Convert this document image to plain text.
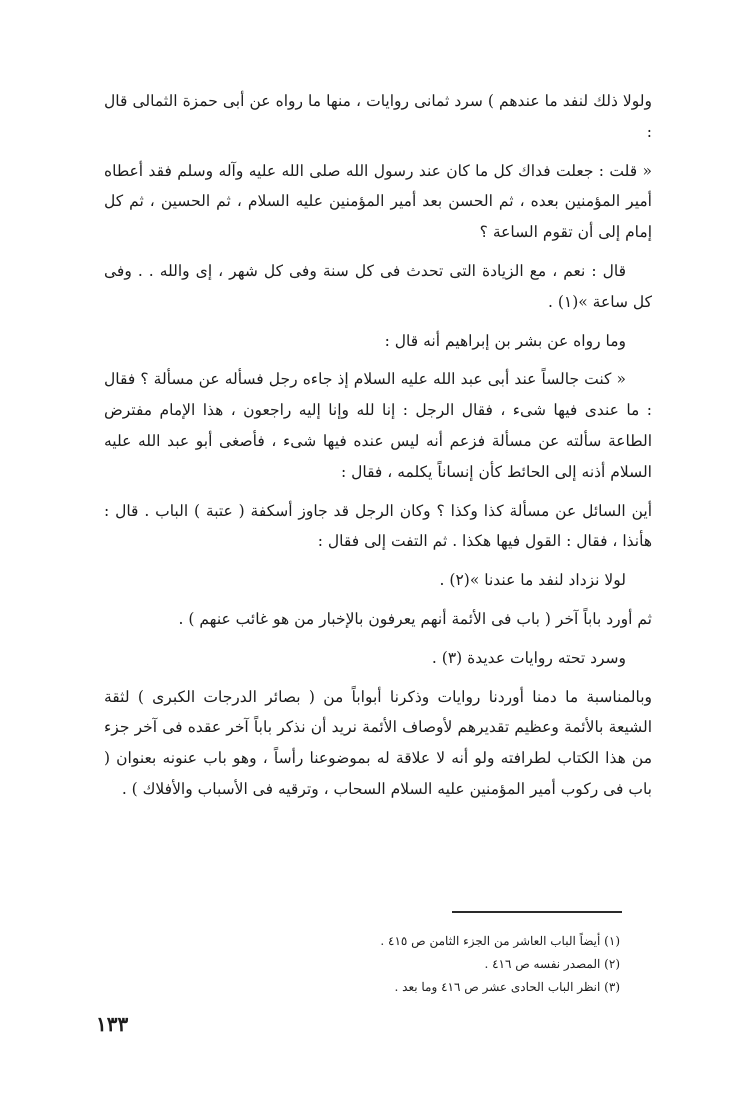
ولولا ذلك لنفد ما عندهم ) سرد ثمانى روايات ، منها ما رواه عن أبى حمزة الثمالى قال :

« قلت : جعلت فداك كل ما كان عند رسول الله صلى الله عليه وآله وسلم فقد أعطاه أمير المؤمنين بعده ، ثم الحسن بعد أمير المؤمنين عليه السلام ، ثم الحسين ، ثم كل إمام إلى أن تقوم الساعة ؟

قال : نعم ، مع الزيادة التى تحدث فى كل سنة وفى كل شهر ، إى والله . . وفى كل ساعة »(١) .

وما رواه عن بشر بن إبراهيم أنه قال :

« كنت جالساً عند أبى عبد الله عليه السلام إذ جاءه رجل فسأله عن مسألة ؟ فقال : ما عندى فيها شىء ، فقال الرجل : إنا لله وإنا إليه راجعون ، هذا الإمام مفترض الطاعة سألته عن مسألة فزعم أنه ليس عنده فيها شىء ، فأصغى أبو عبد الله عليه السلام أذنه إلى الحائط كأن إنساناً يكلمه ، فقال :

أين السائل عن مسألة كذا وكذا ؟ وكان الرجل قد جاوز أسكفة ( عتبة ) الباب . قال : هأنذا ، فقال : القول فيها هكذا . ثم التفت إلى فقال :

لولا نزداد لنفد ما عندنا »(٢) .

ثم أورد باباً آخر ( باب فى الأئمة أنهم يعرفون بالإخبار من هو غائب عنهم ) .

وسرد تحته روايات عديدة (٣) .

وبالمناسبة ما دمنا أوردنا روايات وذكرنا أبواباً من ( بصائر الدرجات الكبرى ) لثقة الشيعة بالأئمة وعظيم تقديرهم لأوصاف الأئمة نريد أن نذكر باباً آخر عقده فى آخر جزء من هذا الكتاب لطرافته ولو أنه لا علاقة له بموضوعنا رأساً ، وهو باب عنونه بعنوان ( باب فى ركوب أمير المؤمنين عليه السلام السحاب ، وترقيه فى الأسباب والأفلاك ) .

(١) أيضاً الباب العاشر من الجزء الثامن ص ٤١٥ .
(٢) المصدر نفسه ص ٤١٦ .
(٣) انظر الباب الحادى عشر ص ٤١٦ وما بعد .
١٣٣
